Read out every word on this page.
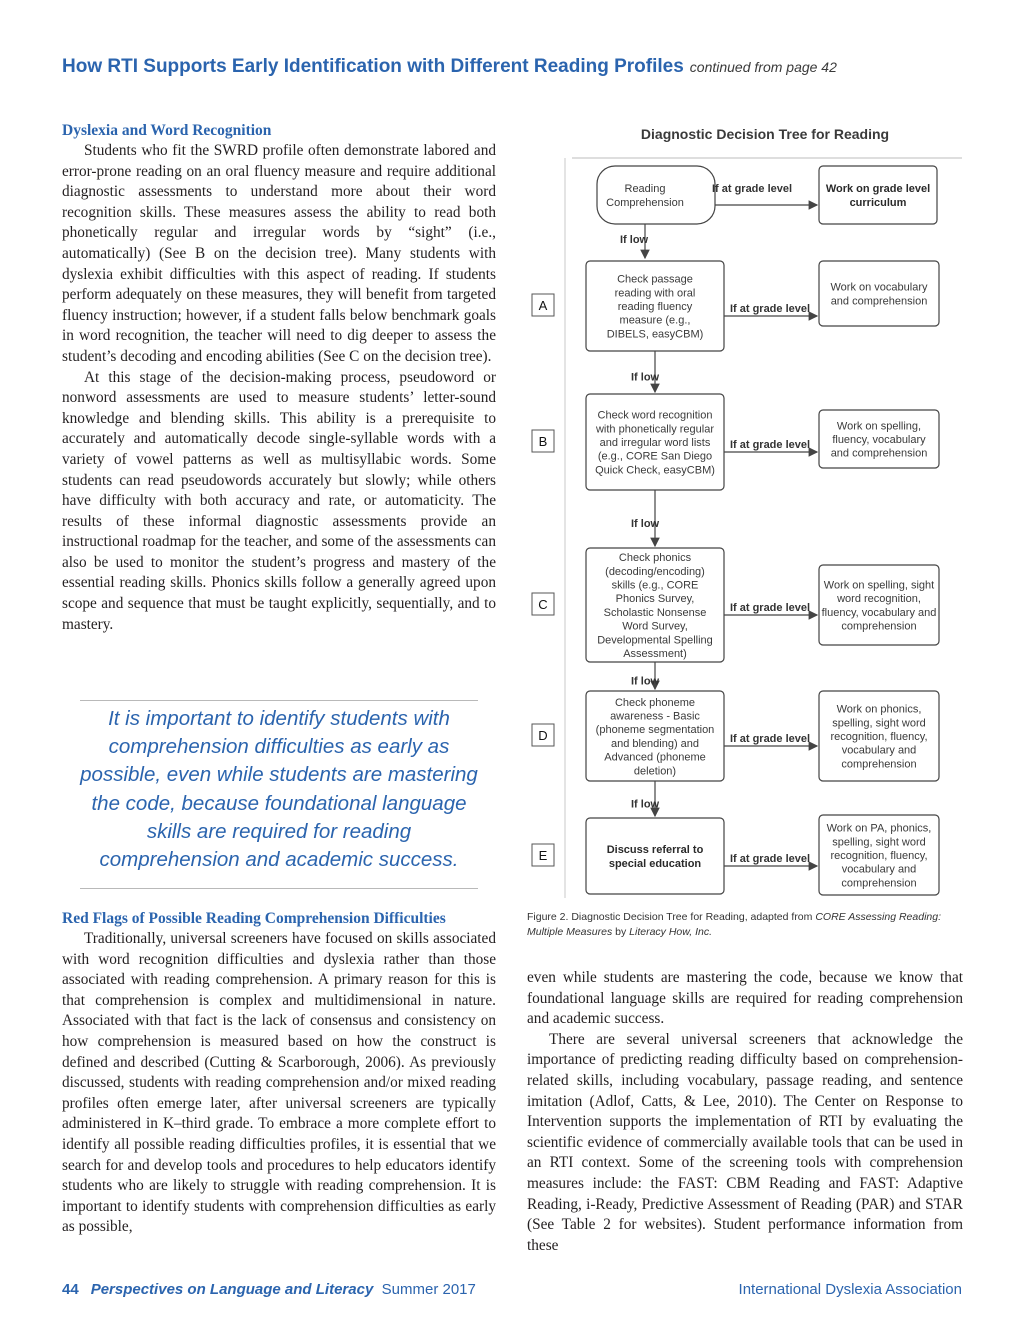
How RTI Supports Early Identification with Different Reading Profiles continued from page 42
Dyslexia and Word Recognition

Students who fit the SWRD profile often demonstrate labored and error-prone reading on an oral fluency measure and require additional diagnostic assessments to understand more about their word recognition skills. These measures assess the ability to read both phonetically regular and irregular words by “sight” (i.e., automatically) (See B on the decision tree). Many students with dyslexia exhibit difficulties with this aspect of reading. If students perform adequately on these measures, they will benefit from targeted fluency instruction; however, if a student falls below benchmark goals in word recognition, the teacher will need to dig deeper to assess the student’s decoding and encoding abilities (See C on the decision tree).

At this stage of the decision-making process, pseudoword or nonword assessments are used to measure students’ letter-sound knowledge and blending skills. This ability is a prerequisite to accurately and automatically decode single-syllable words with a variety of vowel patterns as well as multisyllabic words. Some students can read pseudowords accurately but slowly; while others have difficulty with both accuracy and rate, or automaticity. The results of these informal diagnostic assessments provide an instructional roadmap for the teacher, and some of the assessments can also be used to monitor the student’s progress and mastery of the essential reading skills. Phonics skills follow a generally agreed upon scope and sequence that must be taught explicitly, sequentially, and to mastery.

It is important to identify students with comprehension difficulties as early as possible, even while students are mastering the code, because foundational language skills are required for reading comprehension and academic success.
Red Flags of Possible Reading Comprehension Difficulties

Traditionally, universal screeners have focused on skills associated with word recognition difficulties and dyslexia rather than those associated with reading comprehension. A primary reason for this is that comprehension is complex and multidimensional in nature. Associated with that fact is the lack of consensus and consistency on how comprehension is measured based on how the construct is defined and described (Cutting & Scarborough, 2006). As previously discussed, students with reading comprehension and/or mixed reading profiles often emerge later, after universal screeners are typically administered in K–third grade. To embrace a more complete effort to identify all possible reading difficulties profiles, it is essential that we search for and develop tools and procedures to help educators identify students who are likely to struggle with reading comprehension. It is important to identify students with comprehension difficulties as early as possible,

even while students are mastering the code, because we know that foundational language skills are required for reading comprehension and academic success.

There are several universal screeners that acknowledge the importance of predicting reading difficulty based on comprehension-related skills, including vocabulary, passage reading, and sentence imitation (Adlof, Catts, & Lee, 2010). The Center on Response to Intervention supports the implementation of RTI by evaluating the scientific evidence of commercially available tools that can be used in an RTI context. Some of the screening tools with comprehension measures include: the FAST: CBM Reading and FAST: Adaptive Reading, i-Ready, Predictive Assessment of Reading (PAR) and STAR (See Table 2 for websites). Student performance information from these

Diagnostic Decision Tree for Reading
Reading
Comprehension
Work on grade level
curriculum
If at grade level
If low
Check passage
reading with oral
reading fluency
measure (e.g.,
DIBELS, easyCBM)
Work on vocabulary
and comprehension
If at grade level
A
If low
Check word recognition
with phonetically regular
and irregular word lists
(e.g., CORE San Diego
Quick Check, easyCBM)
Work on spelling,
fluency, vocabulary
and comprehension
If at grade level
B
If low
Check phonics
(decoding/encoding)
skills (e.g., CORE
Phonics Survey,
Scholastic Nonsense
Word Survey,
Developmental Spelling
Assessment)
Work on spelling, sight
word recognition,
fluency, vocabulary and
comprehension
If at grade level
C
If low
Check phoneme
awareness - Basic
(phoneme segmentation
and blending) and
Advanced (phoneme
deletion)
Work on phonics,
spelling, sight word
recognition, fluency,
vocabulary and
comprehension
If at grade level
D
If low
Discuss referral to
special education
Work on PA, phonics,
spelling, sight word
recognition, fluency,
vocabulary and
comprehension
If at grade level
E
Figure 2. Diagnostic Decision Tree for Reading, adapted from CORE Assessing Reading: Multiple Measures by Literacy How, Inc.
44 Perspectives on Language and Literacy Summer 2017	International Dyslexia Association
